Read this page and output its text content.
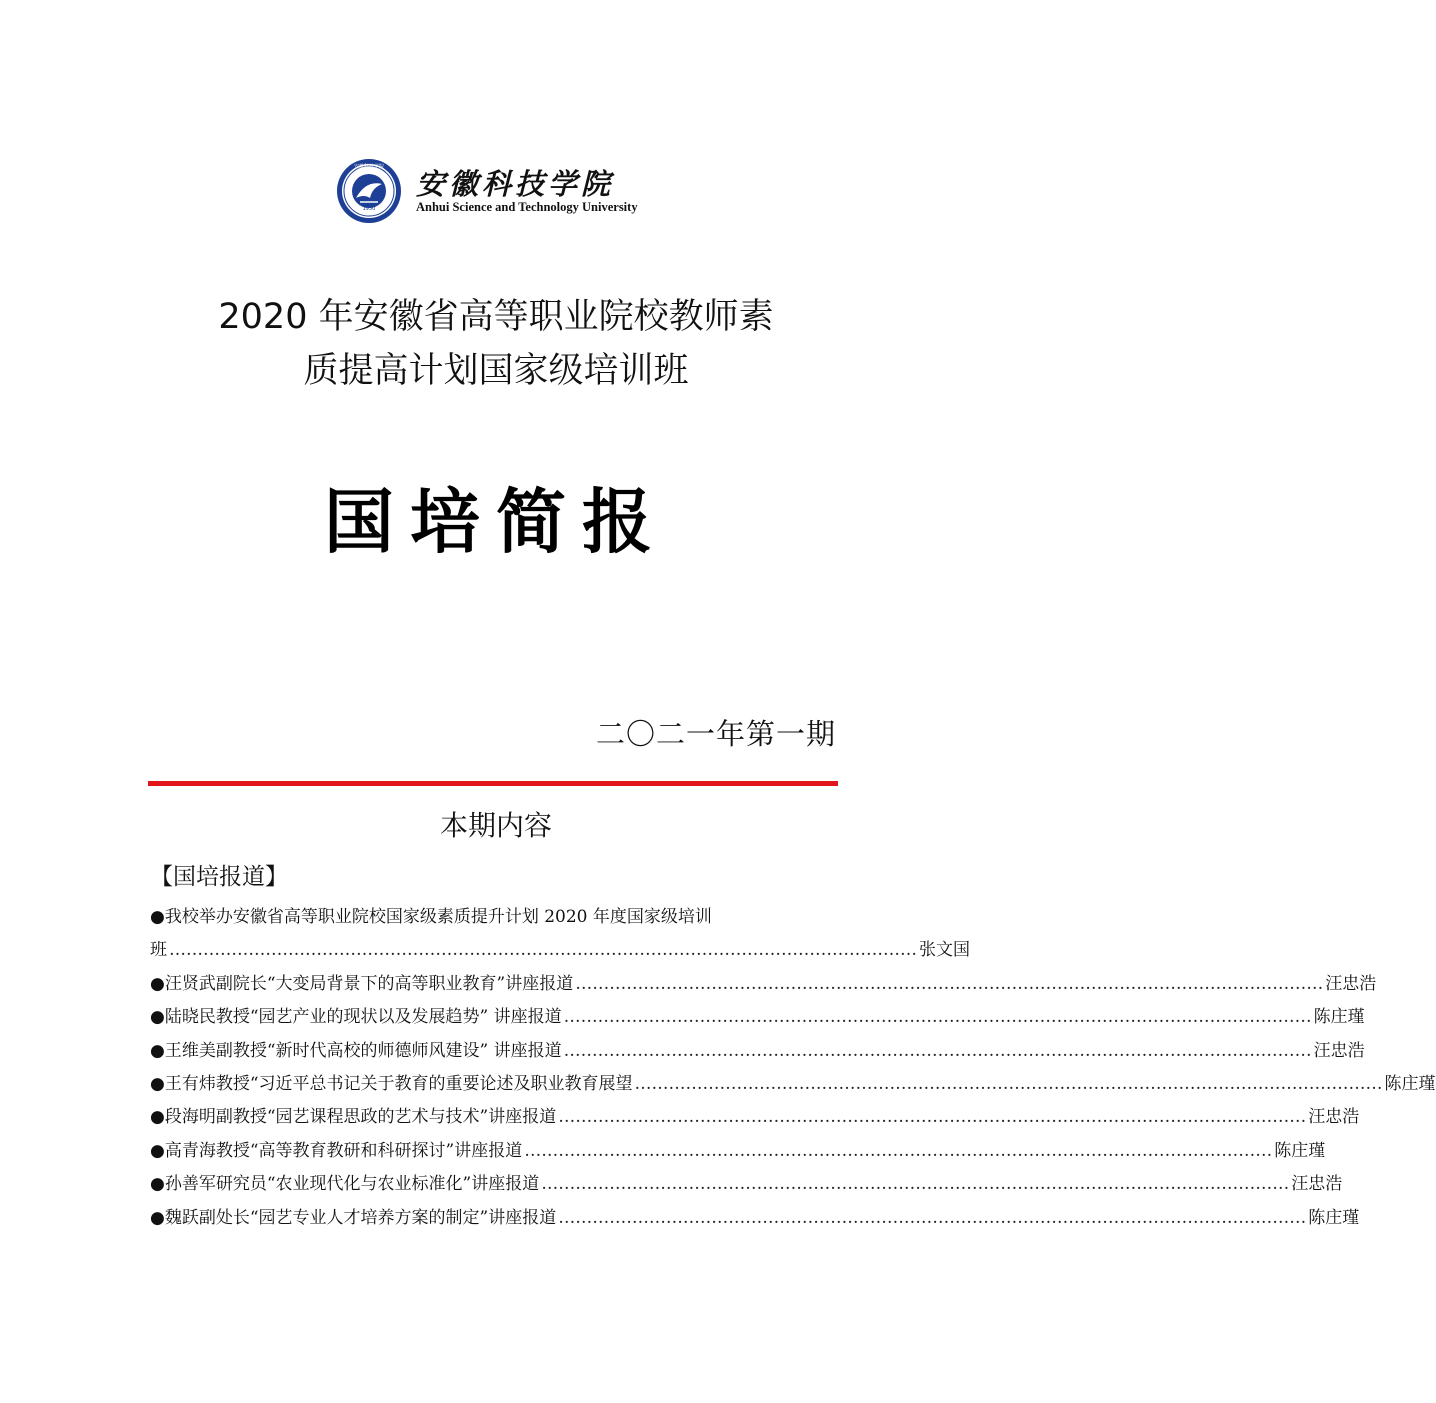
1950
安徽科技学院 安徽科技学院
Anhui Science and Technology University
2020 年安徽省高等职业院校教师素
质提高计划国家级培训班
国培简报
二〇二一年第一期
本期内容
【国培报道】
●我校举办安徽省高等职业院校国家级素质提升计划 2020 年度国家级培训
班 …………………………………………………………………………………………………………………… 张文国
●汪贤武副院长“大变局背景下的高等职业教育”讲座报道 …………………………………………………………………………………………………………………… 汪忠浩
●陆晓民教授“园艺产业的现状以及发展趋势” 讲座报道 …………………………………………………………………………………………………………………… 陈庄瑾
●王维美副教授“新时代高校的师德师风建设” 讲座报道 …………………………………………………………………………………………………………………… 汪忠浩
●王有炜教授“习近平总书记关于教育的重要论述及职业教育展望 …………………………………………………………………………………………………………………… 陈庄瑾
●段海明副教授“园艺课程思政的艺术与技术”讲座报道 …………………………………………………………………………………………………………………… 汪忠浩
●高青海教授“高等教育教研和科研探讨”讲座报道 …………………………………………………………………………………………………………………… 陈庄瑾
●孙善军研究员“农业现代化与农业标准化”讲座报道 …………………………………………………………………………………………………………………… 汪忠浩
●魏跃副处长“园艺专业人才培养方案的制定”讲座报道 …………………………………………………………………………………………………………………… 陈庄瑾
